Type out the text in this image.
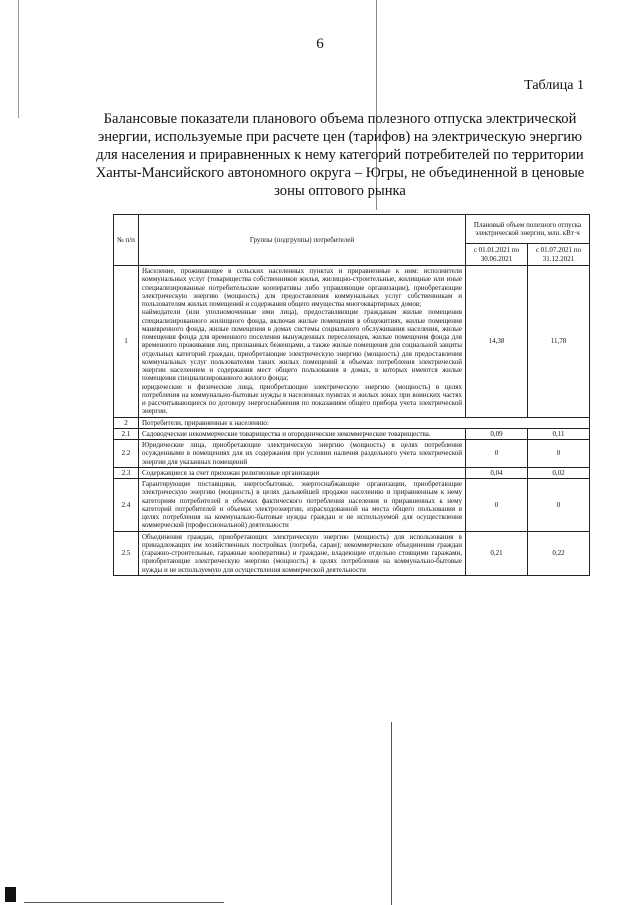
6
Таблица 1
Балансовые показатели планового объема полезного отпуска электрической энергии, используемые при расчете цен (тарифов) на электрическую энергию для населения и приравненных к нему категорий потребителей по территории Ханты-Мансийского автономного округа – Югры, не объединенной в ценовые зоны оптового рынка
№ п/п	Группы (подгруппы) потребителей	Плановый объем полезного отпуска электрической энергии, млн. кВт·ч	
		с 01.01.2021 по 30.06.2021	с 01.07.2021 по 31.12.2021
1	Население, проживающее в сельских населенных пунктах и приравненные к ним: исполнители коммунальных услуг (товарищества собственников жилья, жилищно-строительные, жилищные или иные специализированные потребительские кооперативы либо управляющие организации), приобретающие электрическую энергию (мощность) для предоставления коммунальных услуг собственникам и пользователям жилых помещений и содержания общего имущества многоквартирных домов;

наймодатели (или уполномоченные ими лица), предоставляющие гражданам жилые помещения специализированного жилищного фонда, включая жилые помещения в общежитиях, жилые помещения маневренного фонда, жилые помещения в домах системы социального обслуживания населения, жилые помещения фонда для временного поселения вынужденных переселенцев, жилые помещения фонда для временного проживания лиц, признанных беженцами, а также жилые помещения для социальной защиты отдельных категорий граждан, приобретающие электрическую энергию (мощность) для предоставления коммунальных услуг пользователям таких жилых помещений в объемах потребления электрической энергии населением и содержания мест общего пользования в домах, в которых имеются жилые помещения специализированного жилого фонда;

юридические и физические лица, приобретающие электрическую энергию (мощность) в целях потребления на коммунально-бытовые нужды в населенных пунктах и жилых зонах при воинских частях и рассчитывающиеся по договору энергоснабжения по показаниям общего прибора учета электрической энергии.	14,38	11,78
2	Потребители, приравненные к населению:		
2.1	Садоводческие некоммерческие товарищества и огороднические некоммерческие товарищества.	0,09	0,11
2.2	Юридические лица, приобретающие электрическую энергию (мощность) в целях потребления осужденными в помещениях для их содержания при условии наличия раздельного учета электрической энергии для указанных помещений	0	0
2.3	Содержащиеся за счет прихожан религиозные организации	0,04	0,02
2.4	Гарантирующие поставщики, энергосбытовые, энергоснабжающие организации, приобретающие электрическую энергию (мощность) в целях дальнейшей продажи населению и приравненным к нему категориям потребителей в объемах фактического потребления населения и приравненных к нему категорий потребителей и объемах электроэнергии, израсходованной на места общего пользования в целях потребления на коммунально-бытовые нужды граждан и не используемой для осуществления коммерческой (профессиональной) деятельности	0	0
2.5	Объединения граждан, приобретающих электрическую энергию (мощность) для использования в принадлежащих им хозяйственных постройках (погреба, сараи); некоммерческие объединения граждан (гаражно-строительные, гаражные кооперативы) и граждане, владеющие отдельно стоящими гаражами, приобретающие электрическую энергию (мощность) в целях потребления на коммунально-бытовые нужды и не используемую для осуществления коммерческой деятельности	0,21	0,22
